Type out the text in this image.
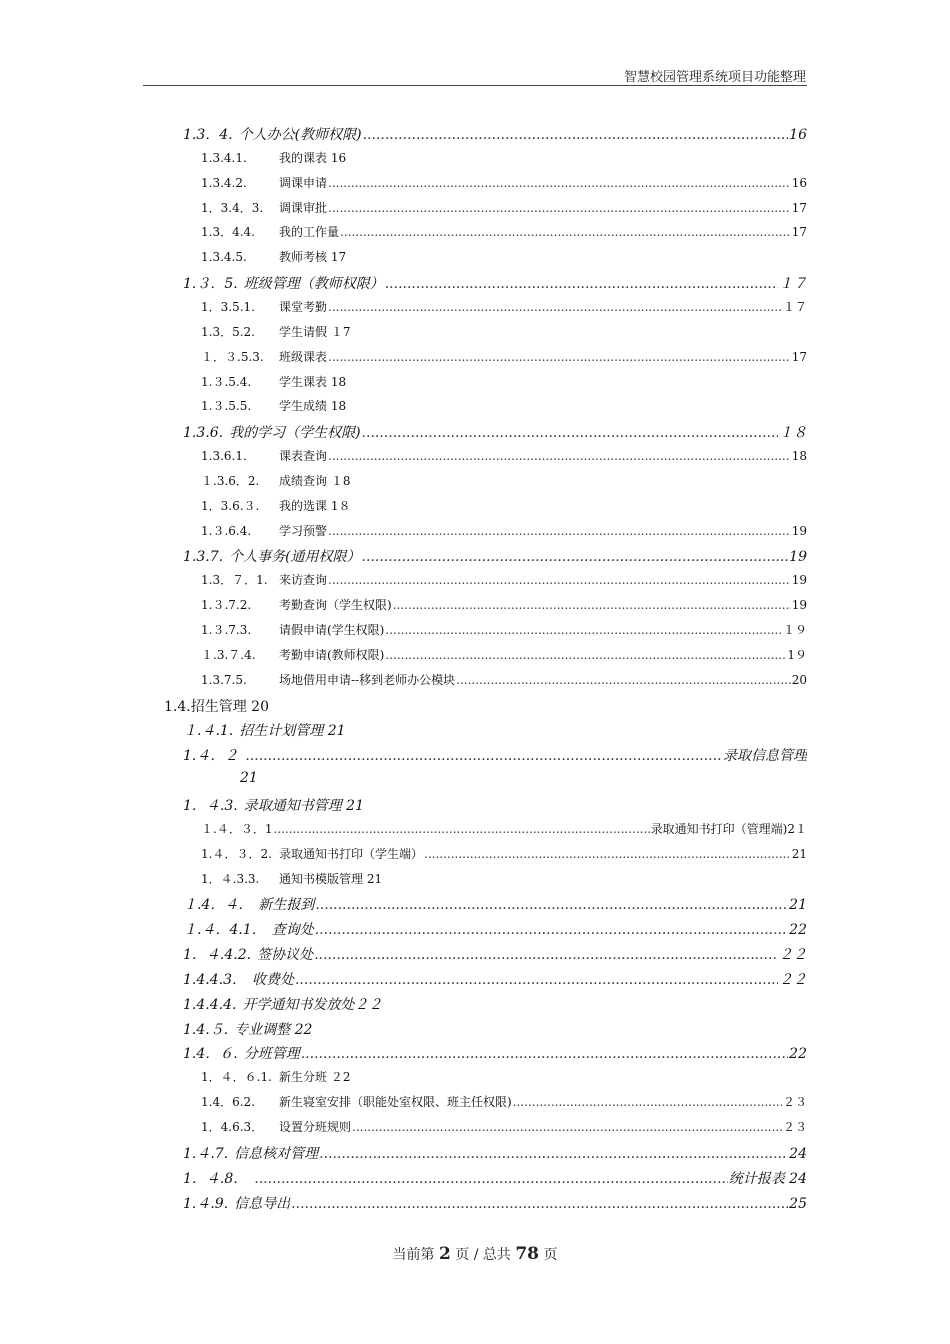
智慧校园管理系统项目功能整理
1.3．4. 个人办公(教师权限) .....	16
1.3.4.1.	我的课表 16
1.3.4.2.	调课申请 .....	16
1．3.4．3.	调课审批 .....	17
1.3．4.4.	我的工作量 .....	17
1.3.4.5.	教师考核 17
1.３．5. 班级管理（教师权限） .....	１７
1．3.5.1.	课堂考勤 .....	１７
1.3．5.2.	学生请假 １7
１．３.5.3.	班级课表 .....	17
1.３.5.4.	学生课表 18
1.３.5.5.	学生成绩 18
1.3.6. 我的学习（学生权限) .....	１８
1.3.6.1.	课表查询 .....	18
１.3.6．2.	成绩查询 １8
1．3.6.３.	我的选课 1８
1.３.6.4.	学习预警 .....	19
1.3.7. 个人事务(通用权限） .....	19
1.3．７．1. 来访查询 .....	19
1.３.7.2.	考勤查询（学生权限) .....	19
1.３.7.3.	请假申请(学生权限) .....	１９
１.3.７.4.	考勤申请(教师权限) .....	1９
1.3.7.5.	场地借用申请--移到老师办公模块 .....	20
1.4. 招生管理 20
１.４.1. 招生计划管理 21
1.４．２ .....	录取信息管理
21
1．４.3. 录取通知书管理 21
１.４．３．1 .....	录取通知书打印（管理端)2１
1.４．３．2. 录取通知书打印（学生端） .....	21
1．４.3.3.	通知书模版管理 21
１.4．４． 新生报到 .....	21
１.４．4.1． 查询处 .....	22
1．４.4.2. 签协议处 .....	２２
1.4.4.3． 收费处 .....	２２
1.4.4.4. 开学通知书发放处２２
1.4.５. 专业调整 22
1.4．６. 分班管理 .....	22
1．４．６.1. 新生分班 ２2
1.4．6.2.	新生寝室安排（职能处室权限、班主任权限) .....	２３
1．4.6.3．	设置分班规则 .....	２３
1.４.7. 信息核对管理 .....	24
1．４.8． .....	统计报表 24
1.４.9. 信息导出 .....	25
当前第 2 页 / 总共 78 页
